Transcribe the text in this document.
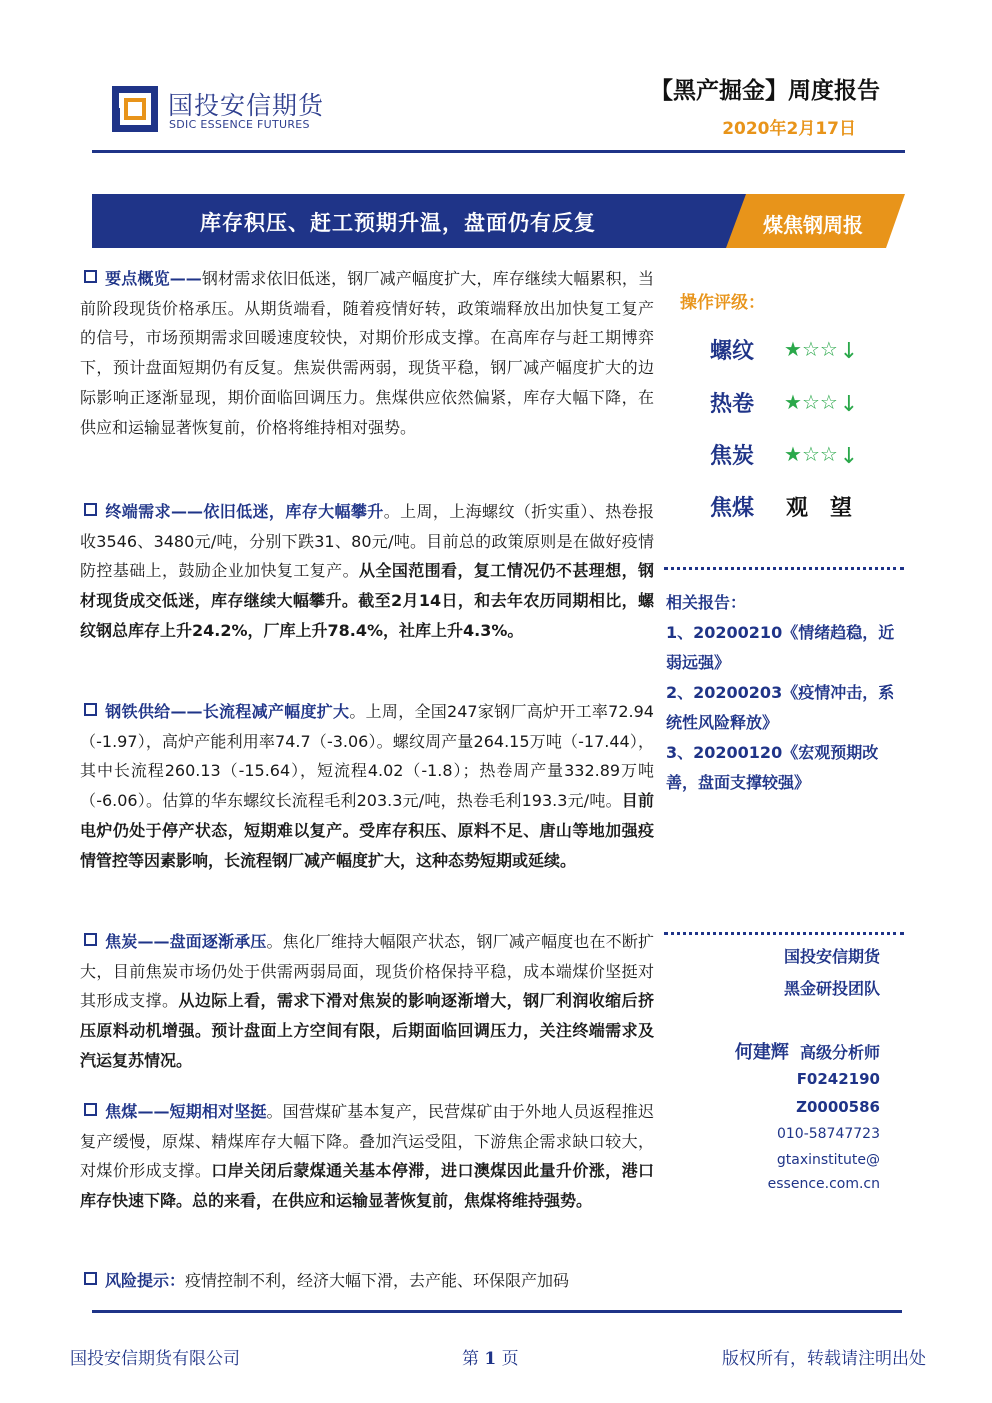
国投安信期货
SDIC ESSENCE FUTURES
【黑产掘金】周度报告
2020年2月17日
库存积压、赶工预期升温，盘面仍有反复	煤焦钢周报

要点概览——钢材需求依旧低迷，钢厂减产幅度扩大，库存继续大幅累积，当前阶段现货价格承压。从期货端看，随着疫情好转，政策端释放出加快复工复产的信号，市场预期需求回暖速度较快，对期价形成支撑。在高库存与赶工期博弈下，预计盘面短期仍有反复。焦炭供需两弱，现货平稳，钢厂减产幅度扩大的边际影响正逐渐显现，期价面临回调压力。焦煤供应依然偏紧，库存大幅下降，在供应和运输显著恢复前，价格将维持相对强势。

终端需求——依旧低迷，库存大幅攀升。上周，上海螺纹（折实重）、热卷报收3546、3480元/吨，分别下跌31、80元/吨。目前总的政策原则是在做好疫情防控基础上，鼓励企业加快复工复产。从全国范围看，复工情况仍不甚理想，钢材现货成交低迷，库存继续大幅攀升。截至2月14日，和去年农历同期相比，螺纹钢总库存上升24.2%，厂库上升78.4%，社库上升4.3%。

钢铁供给——长流程减产幅度扩大。上周，全国247家钢厂高炉开工率72.94（-1.97），高炉产能利用率74.7（-3.06）。螺纹周产量264.15万吨（-17.44），其中长流程260.13（-15.64），短流程4.02（-1.8）；热卷周产量332.89万吨（-6.06）。估算的华东螺纹长流程毛利203.3元/吨，热卷毛利193.3元/吨。目前电炉仍处于停产状态，短期难以复产。受库存积压、原料不足、唐山等地加强疫情管控等因素影响，长流程钢厂减产幅度扩大，这种态势短期或延续。

焦炭——盘面逐渐承压。焦化厂维持大幅限产状态，钢厂减产幅度也在不断扩大，目前焦炭市场仍处于供需两弱局面，现货价格保持平稳，成本端煤价坚挺对其形成支撑。从边际上看，需求下滑对焦炭的影响逐渐增大，钢厂利润收缩后挤压原料动机增强。预计盘面上方空间有限，后期面临回调压力，关注终端需求及汽运复苏情况。

焦煤——短期相对坚挺。国营煤矿基本复产，民营煤矿由于外地人员返程推迟复产缓慢，原煤、精煤库存大幅下降。叠加汽运受阻，下游焦企需求缺口较大，对煤价形成支撑。口岸关闭后蒙煤通关基本停滞，进口澳煤因此量升价涨，港口库存快速下降。总的来看，在供应和运输显著恢复前，焦煤将维持强势。

风险提示：疫情控制不利，经济大幅下滑，去产能、环保限产加码

操作评级：
螺纹 ★☆☆↓
热卷 ★☆☆↓
焦炭 ★☆☆↓
焦煤 观望

相关报告：

1、20200210《情绪趋稳，近弱远强》

2、20200203《疫情冲击，系统性风险释放》

3、20200120《宏观预期改善，盘面支撑较强》

国投安信期货
黑金研投团队
何建辉 高级分析师
F0242190
Z0000586
010-58747723
gtaxinstitute@
essence.com.cn
国投安信期货有限公司	第 1 页	版权所有，转载请注明出处
